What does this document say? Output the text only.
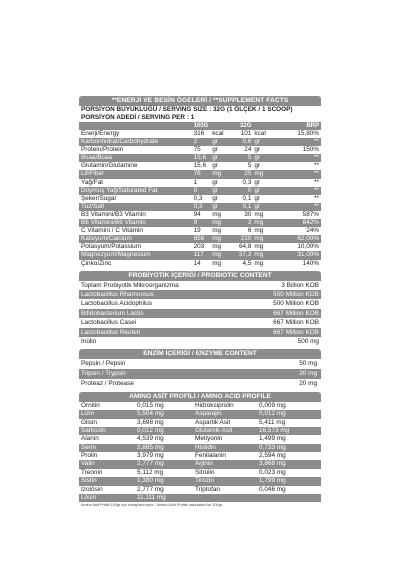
**ENERJİ VE BESİN ÖGELERİ / **SUPPLEMENT FACTS
PORSİYON BÜYÜKLÜĞÜ / SERVING SIZE : 32G (1 ÖLÇEK / 1 SCOOP)
PORSİYON ADEDİ / SERVING PER : 1
100G	32G	BRP
Enerji/Energy	316	kcal	101 kcal	15,80%
Karbonhidrat/Carbohydrate	2	gr	0,6 gr	**
Protein/Protein	75	gr	24 gr	150%
Bcaa/Bcaa	15,6 gr	5 gr	**
Glutamin/Glutamine	15,6 gr	5 gr	**
Lif/Fiber	78	mg	25 mg	**
Yağ/Fat	1	gr	0,3 gr	**
Doymuş Yağ/Saturated Fat	0	gr	0 gr	**
Şeker/Sugar	0,3	gr	0,1 gr	**
Tuz/Salt	0,3	gr	0,1 gr	**
B3 Vitamini/B3 Vitamin	94	mg	30 mg	587%
B6 Vitamini/B6 Vitamin	9	mg	3 mg	642%
C Vitamini / C Vitamin	19	mg	6 mg	24%
Kalsiyum/Calcium	656	mg	210 mg	62,00%
Potasyum/Potassium	203	mg	64,8 mg	10,00%
Magnezyum/Magnesium	117	mg	37,3 mg	31,00%
Çinko/Zinc	14	mg	4,5 mg	140%
PROBİYOTİK İÇERİĞİ / PROBIOTIC CONTENT
Toplam Probiyotik Mikroorganizma	3 Billion KOB
Lactobacillus Rhamnosus	500 Million KOB
Lactobacillus Acidophilus	500 Million KOB
Bifidobacterium Lactis	667 Million KOB
Lactobacillus Casei	667 Million KOB
Lactobacillus Reuteri	667 Million KOB
İnülin	500 mg
ENZİM İÇERİĞİ / ENZYME CONTENT
Pepsin / Pepsin	50 mg
Tripsin / Trypsin	20 mg
Proteaz / Protease	20 mg
AMINO ASİT PROFİLİ / AMINO ACID PROFILE
Ornitin	0,015 mg	Hidroksiprolin	0,009 mg
Lizin	5,504 mg	Asparajin	0,012 mg
Glisin	3,698 mg	Aspartik Asit	5,411 mg
Sarkozin	0,012 mg	Glutamik Asit	16,573 mg
Alanin	4,539 mg	Metiyonin	1,499 mg
Serin	2,885 mg	Histidin	0,733 mg
Prolin	3,979 mg	Fenilalanin	2,594 mg
Valin	2,777 mg	Arjinin	3,868 mg
Treonin	5,112 mg	Sitrülin	0,023 mg
Sistin	1,380 mg	Tirozin	1,799 mg
İzolösin	2,777 mg	Triptofan	0,046 mg
Lösin	11,111 mg
Amino Asit Profili 100gr için hesaplanmıştır. / Amino Acid Profile calculated for 100gr.
